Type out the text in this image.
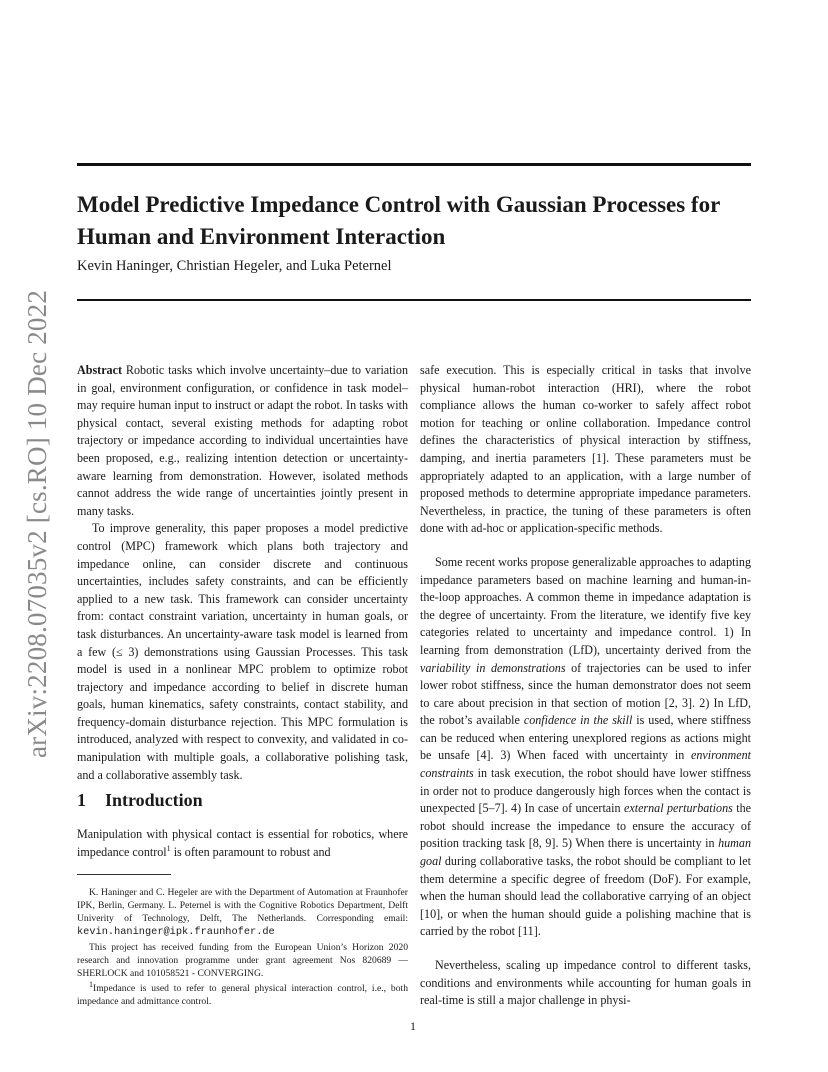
arXiv:2208.07035v2 [cs.RO] 10 Dec 2022
Model Predictive Impedance Control with Gaussian Processes for Human and Environment Interaction
Kevin Haninger, Christian Hegeler, and Luka Peternel

Abstract Robotic tasks which involve uncertainty–due to variation in goal, environment configuration, or confidence in task model–may require human input to instruct or adapt the robot. In tasks with physical contact, several existing methods for adapting robot trajectory or impedance according to individual uncertainties have been proposed, e.g., realizing intention detection or uncertainty-aware learning from demonstration. However, isolated methods cannot address the wide range of uncertainties jointly present in many tasks.

To improve generality, this paper proposes a model predictive control (MPC) framework which plans both trajectory and impedance online, can consider discrete and continuous uncertainties, includes safety constraints, and can be efficiently applied to a new task. This framework can consider uncertainty from: contact constraint variation, uncertainty in human goals, or task disturbances. An uncertainty-aware task model is learned from a few (≤ 3) demonstrations using Gaussian Processes. This task model is used in a nonlinear MPC problem to optimize robot trajectory and impedance according to belief in discrete human goals, human kinematics, safety constraints, contact stability, and frequency-domain disturbance rejection. This MPC formulation is introduced, analyzed with respect to convexity, and validated in co-manipulation with multiple goals, a collaborative polishing task, and a collaborative assembly task.

1 Introduction

Manipulation with physical contact is essential for robotics, where impedance control$^1$ is often paramount to robust and

K. Haninger and C. Hegeler are with the Department of Automation at Fraunhofer IPK, Berlin, Germany. L. Peternel is with the Cognitive Robotics Department, Delft Univerity of Technology, Delft, The Netherlands. Corresponding email: kevin.haninger@ipk.fraunhofer.de

This project has received funding from the European Union’s Horizon 2020 research and innovation programme under grant agreement Nos 820689 — SHERLOCK and 101058521 - CONVERGING.

$^1$Impedance is used to refer to general physical interaction control, i.e., both impedance and admittance control.

safe execution. This is especially critical in tasks that involve physical human-robot interaction (HRI), where the robot compliance allows the human co-worker to safely affect robot motion for teaching or online collaboration. Impedance control defines the characteristics of physical interaction by stiffness, damping, and inertia parameters [1]. These parameters must be appropriately adapted to an application, with a large number of proposed methods to determine appropriate impedance parameters. Nevertheless, in practice, the tuning of these parameters is often done with ad-hoc or application-specific methods.

Some recent works propose generalizable approaches to adapting impedance parameters based on machine learning and human-in-the-loop approaches. A common theme in impedance adaptation is the degree of uncertainty. From the literature, we identify five key categories related to uncertainty and impedance control. 1) In learning from demonstration (LfD), uncertainty derived from the variability in demonstrations of trajectories can be used to infer lower robot stiffness, since the human demonstrator does not seem to care about precision in that section of motion [2, 3]. 2) In LfD, the robot’s available confidence in the skill is used, where stiffness can be reduced when entering unexplored regions as actions might be unsafe [4]. 3) When faced with uncertainty in environment constraints in task execution, the robot should have lower stiffness in order not to produce dangerously high forces when the contact is unexpected [5–7]. 4) In case of uncertain external perturbations the robot should increase the impedance to ensure the accuracy of position tracking task [8, 9]. 5) When there is uncertainty in human goal during collaborative tasks, the robot should be compliant to let them determine a specific degree of freedom (DoF). For example, when the human should lead the collaborative carrying of an object [10], or when the human should guide a polishing machine that is carried by the robot [11].

Nevertheless, scaling up impedance control to different tasks, conditions and environments while accounting for human goals in real-time is still a major challenge in physi-

1
